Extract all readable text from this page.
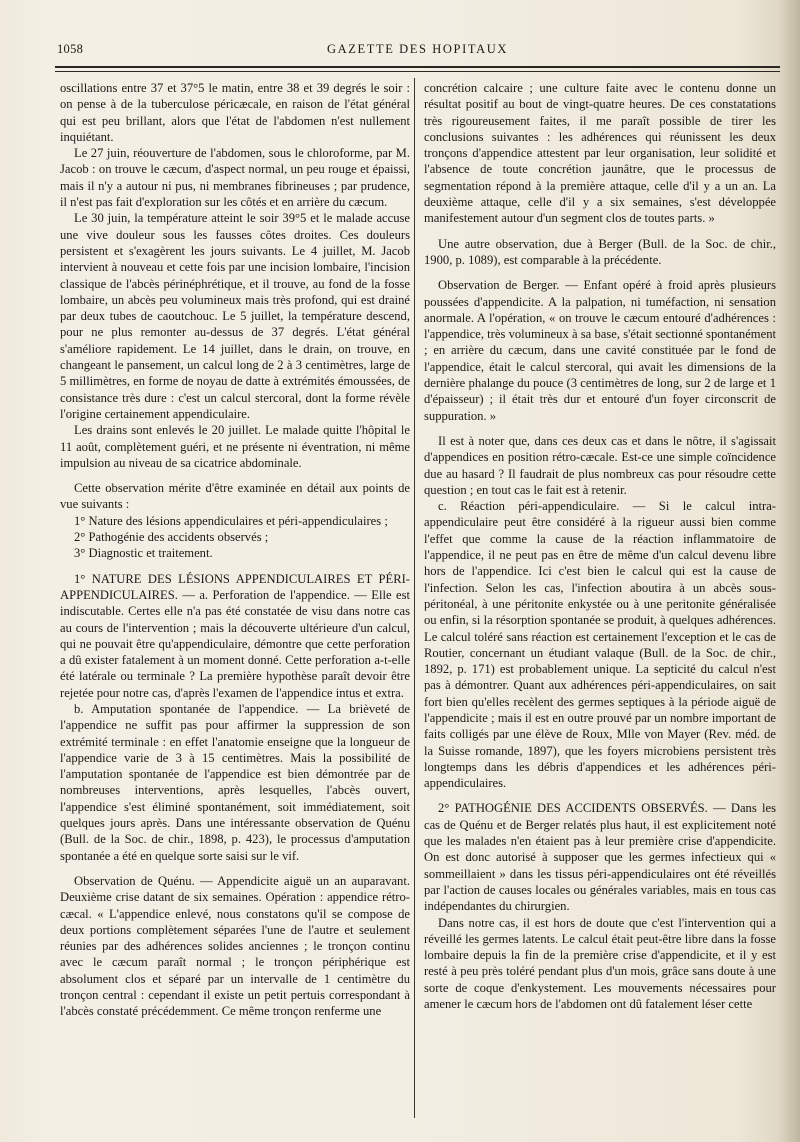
1058	GAZETTE DES HOPITAUX

oscillations entre 37 et 37°5 le matin, entre 38 et 39 degrés le soir : on pense à de la tuberculose péricæcale, en raison de l'état général qui est peu brillant, alors que l'état de l'abdomen n'est nullement inquiétant.

Le 27 juin, réouverture de l'abdomen, sous le chloroforme, par M. Jacob : on trouve le cæcum, d'aspect normal, un peu rouge et épaissi, mais il n'y a autour ni pus, ni membranes fibrineuses ; par prudence, il n'est pas fait d'exploration sur les côtés et en arrière du cæcum.

Le 30 juin, la température atteint le soir 39°5 et le malade accuse une vive douleur sous les fausses côtes droites. Ces douleurs persistent et s'exagèrent les jours suivants. Le 4 juillet, M. Jacob intervient à nouveau et cette fois par une incision lombaire, l'incision classique de l'abcès périnéphrétique, et il trouve, au fond de la fosse lombaire, un abcès peu volumineux mais très profond, qui est drainé par deux tubes de caoutchouc. Le 5 juillet, la température descend, pour ne plus remonter au-dessus de 37 degrés. L'état général s'améliore rapidement. Le 14 juillet, dans le drain, on trouve, en changeant le pansement, un calcul long de 2 à 3 centimètres, large de 5 millimètres, en forme de noyau de datte à extrémités émoussées, de consistance très dure : c'est un calcul stercoral, dont la forme révèle l'origine certainement appendiculaire.

Les drains sont enlevés le 20 juillet. Le malade quitte l'hôpital le 11 août, complètement guéri, et ne présente ni éventration, ni même impulsion au niveau de sa cicatrice abdominale.

Cette observation mérite d'être examinée en détail aux points de vue suivants :

1° Nature des lésions appendiculaires et péri-appendiculaires ;

2° Pathogénie des accidents observés ;

3° Diagnostic et traitement.

1° NATURE DES LÉSIONS APPENDICULAIRES ET PÉRI-APPENDICULAIRES. — a. Perforation de l'appendice. — Elle est indiscutable. Certes elle n'a pas été constatée de visu dans notre cas au cours de l'intervention ; mais la découverte ultérieure d'un calcul, qui ne pouvait être qu'appendiculaire, démontre que cette perforation a dû exister fatalement à un moment donné. Cette perforation a-t-elle été latérale ou terminale ? La première hypothèse paraît devoir être rejetée pour notre cas, d'après l'examen de l'appendice intus et extra.

b. Amputation spontanée de l'appendice. — La brièveté de l'appendice ne suffit pas pour affirmer la suppression de son extrémité terminale : en effet l'anatomie enseigne que la longueur de l'appendice varie de 3 à 15 centimètres. Mais la possibilité de l'amputation spontanée de l'appendice est bien démontrée par de nombreuses interventions, après lesquelles, l'abcès ouvert, l'appendice s'est éliminé spontanément, soit immédiatement, soit quelques jours après. Dans une intéressante observation de Quénu (Bull. de la Soc. de chir., 1898, p. 423), le processus d'amputation spontanée a été en quelque sorte saisi sur le vif.

Observation de Quénu. — Appendicite aiguë un an auparavant. Deuxième crise datant de six semaines. Opération : appendice rétro-cæcal. « L'appendice enlevé, nous constatons qu'il se compose de deux portions complètement séparées l'une de l'autre et seulement réunies par des adhérences solides anciennes ; le tronçon continu avec le cæcum paraît normal ; le tronçon périphérique est absolument clos et séparé par un intervalle de 1 centimètre du tronçon central : cependant il existe un petit pertuis correspondant à l'abcès constaté précédemment. Ce même tronçon renferme une

concrétion calcaire ; une culture faite avec le contenu donne un résultat positif au bout de vingt-quatre heures. De ces constatations très rigoureusement faites, il me paraît possible de tirer les conclusions suivantes : les adhérences qui réunissent les deux tronçons d'appendice attestent par leur organisation, leur solidité et l'absence de toute concrétion jaunâtre, que le processus de segmentation répond à la première attaque, celle d'il y a un an. La deuxième attaque, celle d'il y a six semaines, s'est développée manifestement autour d'un segment clos de toutes parts. »

Une autre observation, due à Berger (Bull. de la Soc. de chir., 1900, p. 1089), est comparable à la précédente.

Observation de Berger. — Enfant opéré à froid après plusieurs poussées d'appendicite. A la palpation, ni tuméfaction, ni sensation anormale. A l'opération, « on trouve le cæcum entouré d'adhérences : l'appendice, très volumineux à sa base, s'était sectionné spontanément ; en arrière du cæcum, dans une cavité constituée par le fond de l'appendice, était le calcul stercoral, qui avait les dimensions de la dernière phalange du pouce (3 centimètres de long, sur 2 de large et 1 d'épaisseur) ; il était très dur et entouré d'un foyer circonscrit de suppuration. »

Il est à noter que, dans ces deux cas et dans le nôtre, il s'agissait d'appendices en position rétro-cæcale. Est-ce une simple coïncidence due au hasard ? Il faudrait de plus nombreux cas pour résoudre cette question ; en tout cas le fait est à retenir.

c. Réaction péri-appendiculaire. — Si le calcul intra-appendiculaire peut être considéré à la rigueur aussi bien comme l'effet que comme la cause de la réaction inflammatoire de l'appendice, il ne peut pas en être de même d'un calcul devenu libre hors de l'appendice. Ici c'est bien le calcul qui est la cause de l'infection. Selon les cas, l'infection aboutira à un abcès sous-péritonéal, à une péritonite enkystée ou à une peritonite généralisée ou enfin, si la résorption spontanée se produit, à quelques adhérences. Le calcul toléré sans réaction est certainement l'exception et le cas de Routier, concernant un étudiant valaque (Bull. de la Soc. de chir., 1892, p. 171) est probablement unique. La septicité du calcul n'est pas à démontrer. Quant aux adhérences péri-appendiculaires, on sait fort bien qu'elles recèlent des germes septiques à la période aiguë de l'appendicite ; mais il est en outre prouvé par un nombre important de faits colligés par une élève de Roux, Mlle von Mayer (Rev. méd. de la Suisse romande, 1897), que les foyers microbiens persistent très longtemps dans les débris d'appendices et les adhérences péri-appendiculaires.

2° PATHOGÉNIE DES ACCIDENTS OBSERVÉS. — Dans les cas de Quénu et de Berger relatés plus haut, il est explicitement noté que les malades n'en étaient pas à leur première crise d'appendicite. On est donc autorisé à supposer que les germes infectieux qui « sommeillaient » dans les tissus péri-appendiculaires ont été réveillés par l'action de causes locales ou générales variables, mais en tous cas indépendantes du chirurgien.

Dans notre cas, il est hors de doute que c'est l'intervention qui a réveillé les germes latents. Le calcul était peut-être libre dans la fosse lombaire depuis la fin de la première crise d'appendicite, et il y est resté à peu près toléré pendant plus d'un mois, grâce sans doute à une sorte de coque d'enkystement. Les mouvements nécessaires pour amener le cæcum hors de l'abdomen ont dû fatalement léser cette
